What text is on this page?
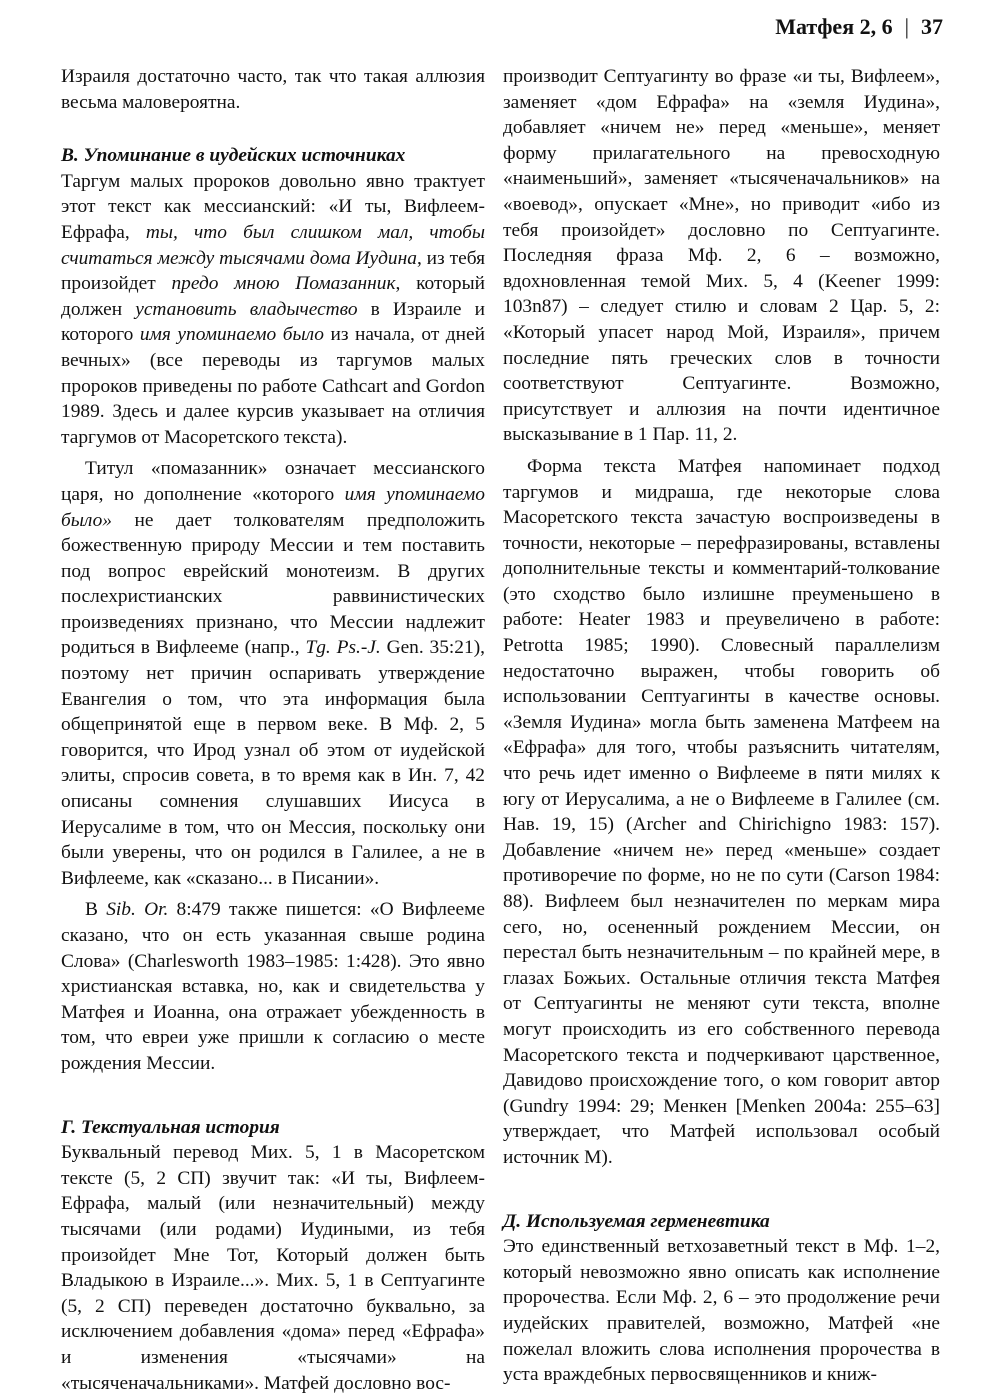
Матфея 2, 6 | 37

Израиля достаточно часто, так что такая аллюзия весьма маловероятна.

В. Упоминание в иудейских источниках

Таргум малых пророков довольно явно трактует этот текст как мессианский: «И ты, Вифлеем-Ефрафа, ты, что был слишком мал, чтобы считаться между тысячами дома Иудина, из тебя произойдет предо мною Помазанник, который должен установить владычество в Израиле и которого имя упоминаемо было из начала, от дней вечных» (все переводы из таргумов малых пророков приведены по работе Cathcart and Gordon 1989. Здесь и далее курсив указывает на отличия таргумов от Масоретского текста).

Титул «помазанник» означает мессианского царя, но дополнение «которого имя упоминаемо было» не дает толкователям предположить божественную природу Мессии и тем поставить под вопрос еврейский монотеизм. В других послехристианских раввинистических произведениях признано, что Мессии надлежит родиться в Вифлееме (напр., Tg. Ps.-J. Gen. 35:21), поэтому нет причин оспаривать утверждение Евангелия о том, что эта информация была общепринятой еще в первом веке. В Мф. 2, 5 говорится, что Ирод узнал об этом от иудейской элиты, спросив совета, в то время как в Ин. 7, 42 описаны сомнения слушавших Иисуса в Иерусалиме в том, что он Мессия, поскольку они были уверены, что он родился в Галилее, а не в Вифлееме, как «сказано... в Писании».

В Sib. Or. 8:479 также пишется: «О Вифлееме сказано, что он есть указанная свыше родина Слова» (Charlesworth 1983–1985: 1:428). Это явно христианская вставка, но, как и свидетельства у Матфея и Иоанна, она отражает убежденность в том, что евреи уже пришли к согласию о месте рождения Мессии.

Г. Текстуальная история

Буквальный перевод Мих. 5, 1 в Масоретском тексте (5, 2 СП) звучит так: «И ты, Вифлеем-Ефрафа, малый (или незначительный) между тысячами (или родами) Иудиными, из тебя произойдет Мне Тот, Который должен быть Владыкою в Израиле...». Мих. 5, 1 в Септуагинте (5, 2 СП) переведен достаточно буквально, за исключением добавления «дома» перед «Ефрафа» и изменения «тысячами» на «тысяченачальниками». Матфей дословно вос-

производит Септуагинту во фразе «и ты, Вифлеем», заменяет «дом Ефрафа» на «земля Иудина», добавляет «ничем не» перед «меньше», меняет форму прилагательного на превосходную «наименьший», заменяет «тысяченачальников» на «воевод», опускает «Мне», но приводит «ибо из тебя произойдет» дословно по Септуагинте. Последняя фраза Мф. 2, 6 – возможно, вдохновленная темой Мих. 5, 4 (Keener 1999: 103n87) – следует стилю и словам 2 Цар. 5, 2: «Который упасет народ Мой, Израиля», причем последние пять греческих слов в точности соответствуют Септуагинте. Возможно, присутствует и аллюзия на почти идентичное высказывание в 1 Пар. 11, 2.

Форма текста Матфея напоминает подход таргумов и мидраша, где некоторые слова Масоретского текста зачастую воспроизведены в точности, некоторые – перефразированы, вставлены дополнительные тексты и комментарий-толкование (это сходство было излишне преуменьшено в работе: Heater 1983 и преувеличено в работе: Petrotta 1985; 1990). Словесный параллелизм недостаточно выражен, чтобы говорить об использовании Септуагинты в качестве основы. «Земля Иудина» могла быть заменена Матфеем на «Ефрафа» для того, чтобы разъяснить читателям, что речь идет именно о Вифлееме в пяти милях к югу от Иерусалима, а не о Вифлееме в Галилее (см. Нав. 19, 15) (Archer and Chirichigno 1983: 157). Добавление «ничем не» перед «меньше» создает противоречие по форме, но не по сути (Carson 1984: 88). Вифлеем был незначителен по меркам мира сего, но, осененный рождением Мессии, он перестал быть незначительным – по крайней мере, в глазах Божьих. Остальные отличия текста Матфея от Септуагинты не меняют сути текста, вполне могут происходить из его собственного перевода Масоретского текста и подчеркивают царственное, Давидово происхождение того, о ком говорит автор (Gundry 1994: 29; Менкен [Menken 2004a: 255–63] утверждает, что Матфей использовал особый источник М).

Д. Используемая герменевтика

Это единственный ветхозаветный текст в Мф. 1–2, который невозможно явно описать как исполнение пророчества. Если Мф. 2, 6 – это продолжение речи иудейских правителей, возможно, Матфей «не пожелал вложить слова исполнения пророчества в уста враждебных первосвященников и книж-
